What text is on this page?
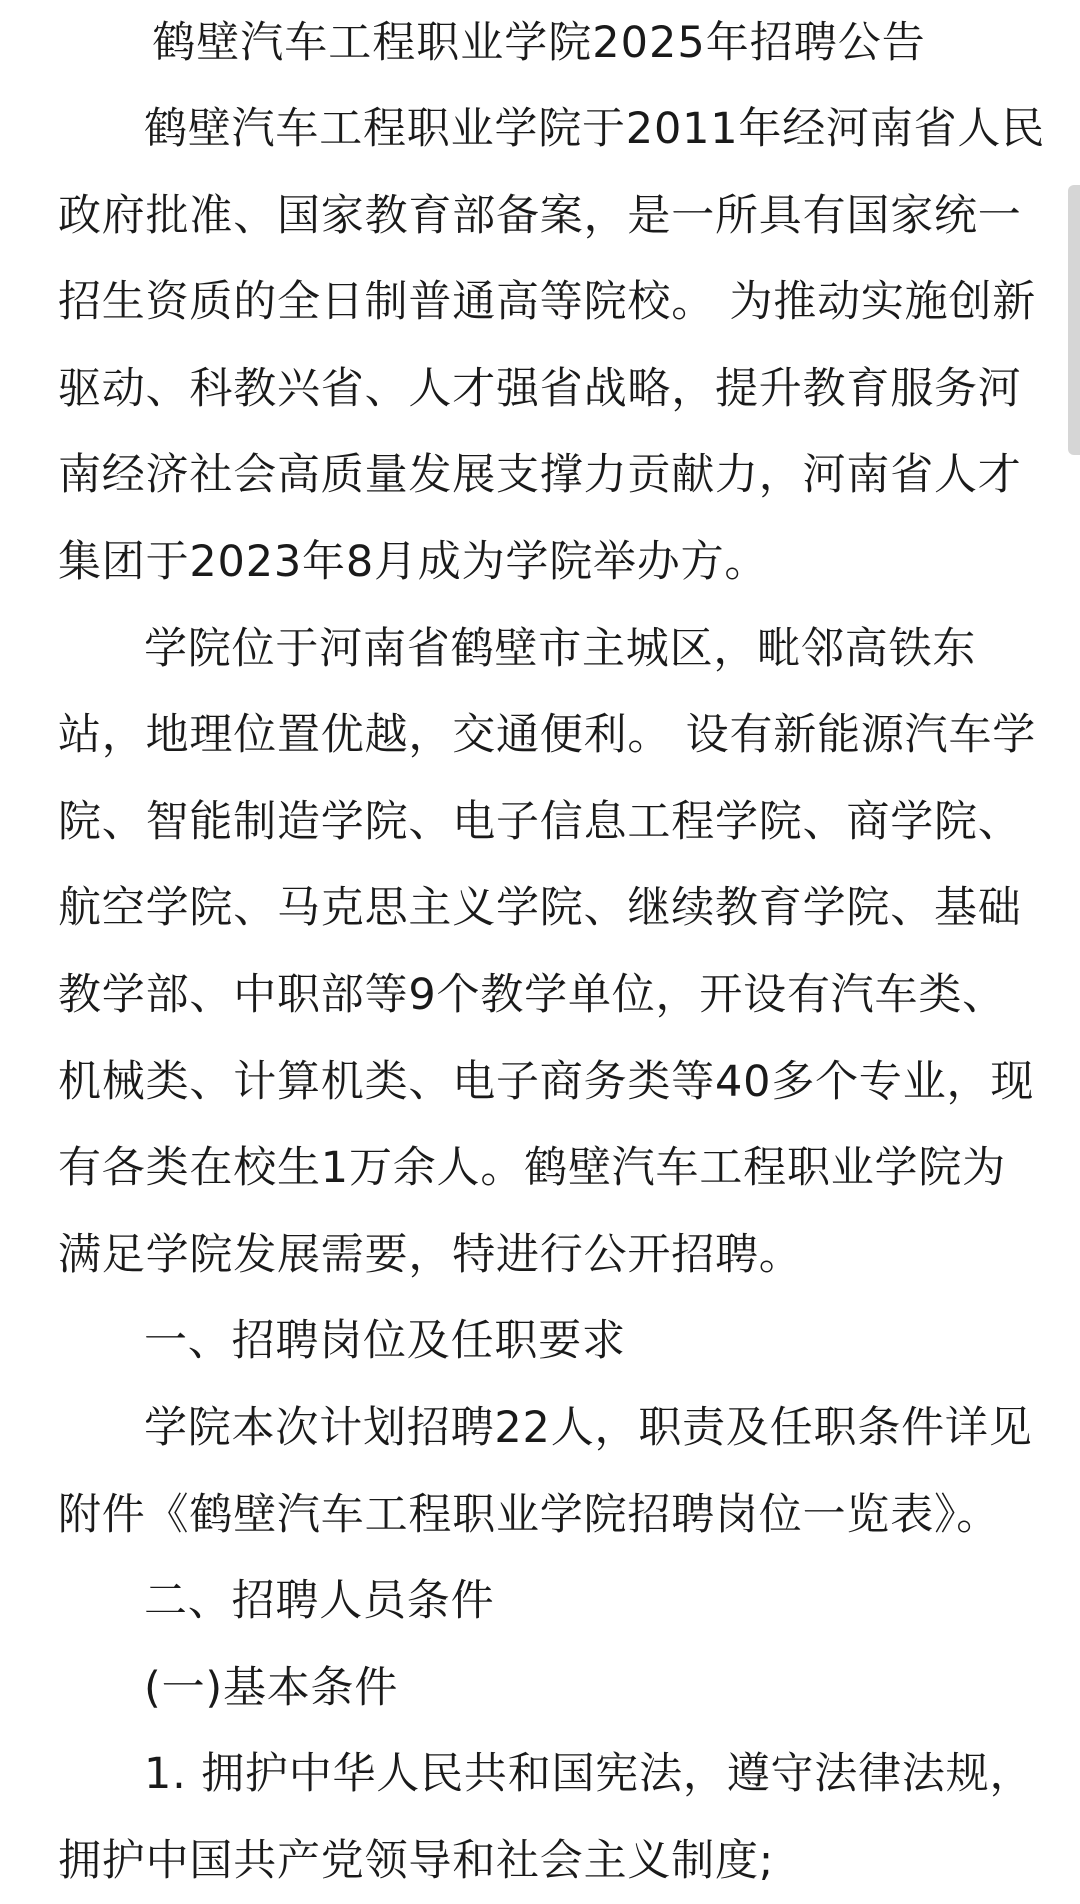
鹤壁汽车工程职业学院2025年招聘公告

鹤壁汽车工程职业学院于2011年经河南省人民
政府批准、国家教育部备案，是一所具有国家统一
招生资质的全日制普通高等院校。 为推动实施创新
驱动、科教兴省、人才强省战略，提升教育服务河
南经济社会高质量发展支撑力贡献力，河南省人才
集团于2023年8月成为学院举办方。

学院位于河南省鹤壁市主城区，毗邻高铁东
站，地理位置优越，交通便利。 设有新能源汽车学
院、智能制造学院、电子信息工程学院、商学院、
航空学院、马克思主义学院、继续教育学院、基础
教学部、中职部等9个教学单位，开设有汽车类、
机械类、计算机类、电子商务类等40多个专业，现
有各类在校生1万余人。鹤壁汽车工程职业学院为
满足学院发展需要，特进行公开招聘。

一、招聘岗位及任职要求

学院本次计划招聘22人，职责及任职条件详见
附件《鹤壁汽车工程职业学院招聘岗位一览表》。

二、招聘人员条件

(一)基本条件

1. 拥护中华人民共和国宪法，遵守法律法规，
拥护中国共产党领导和社会主义制度;
